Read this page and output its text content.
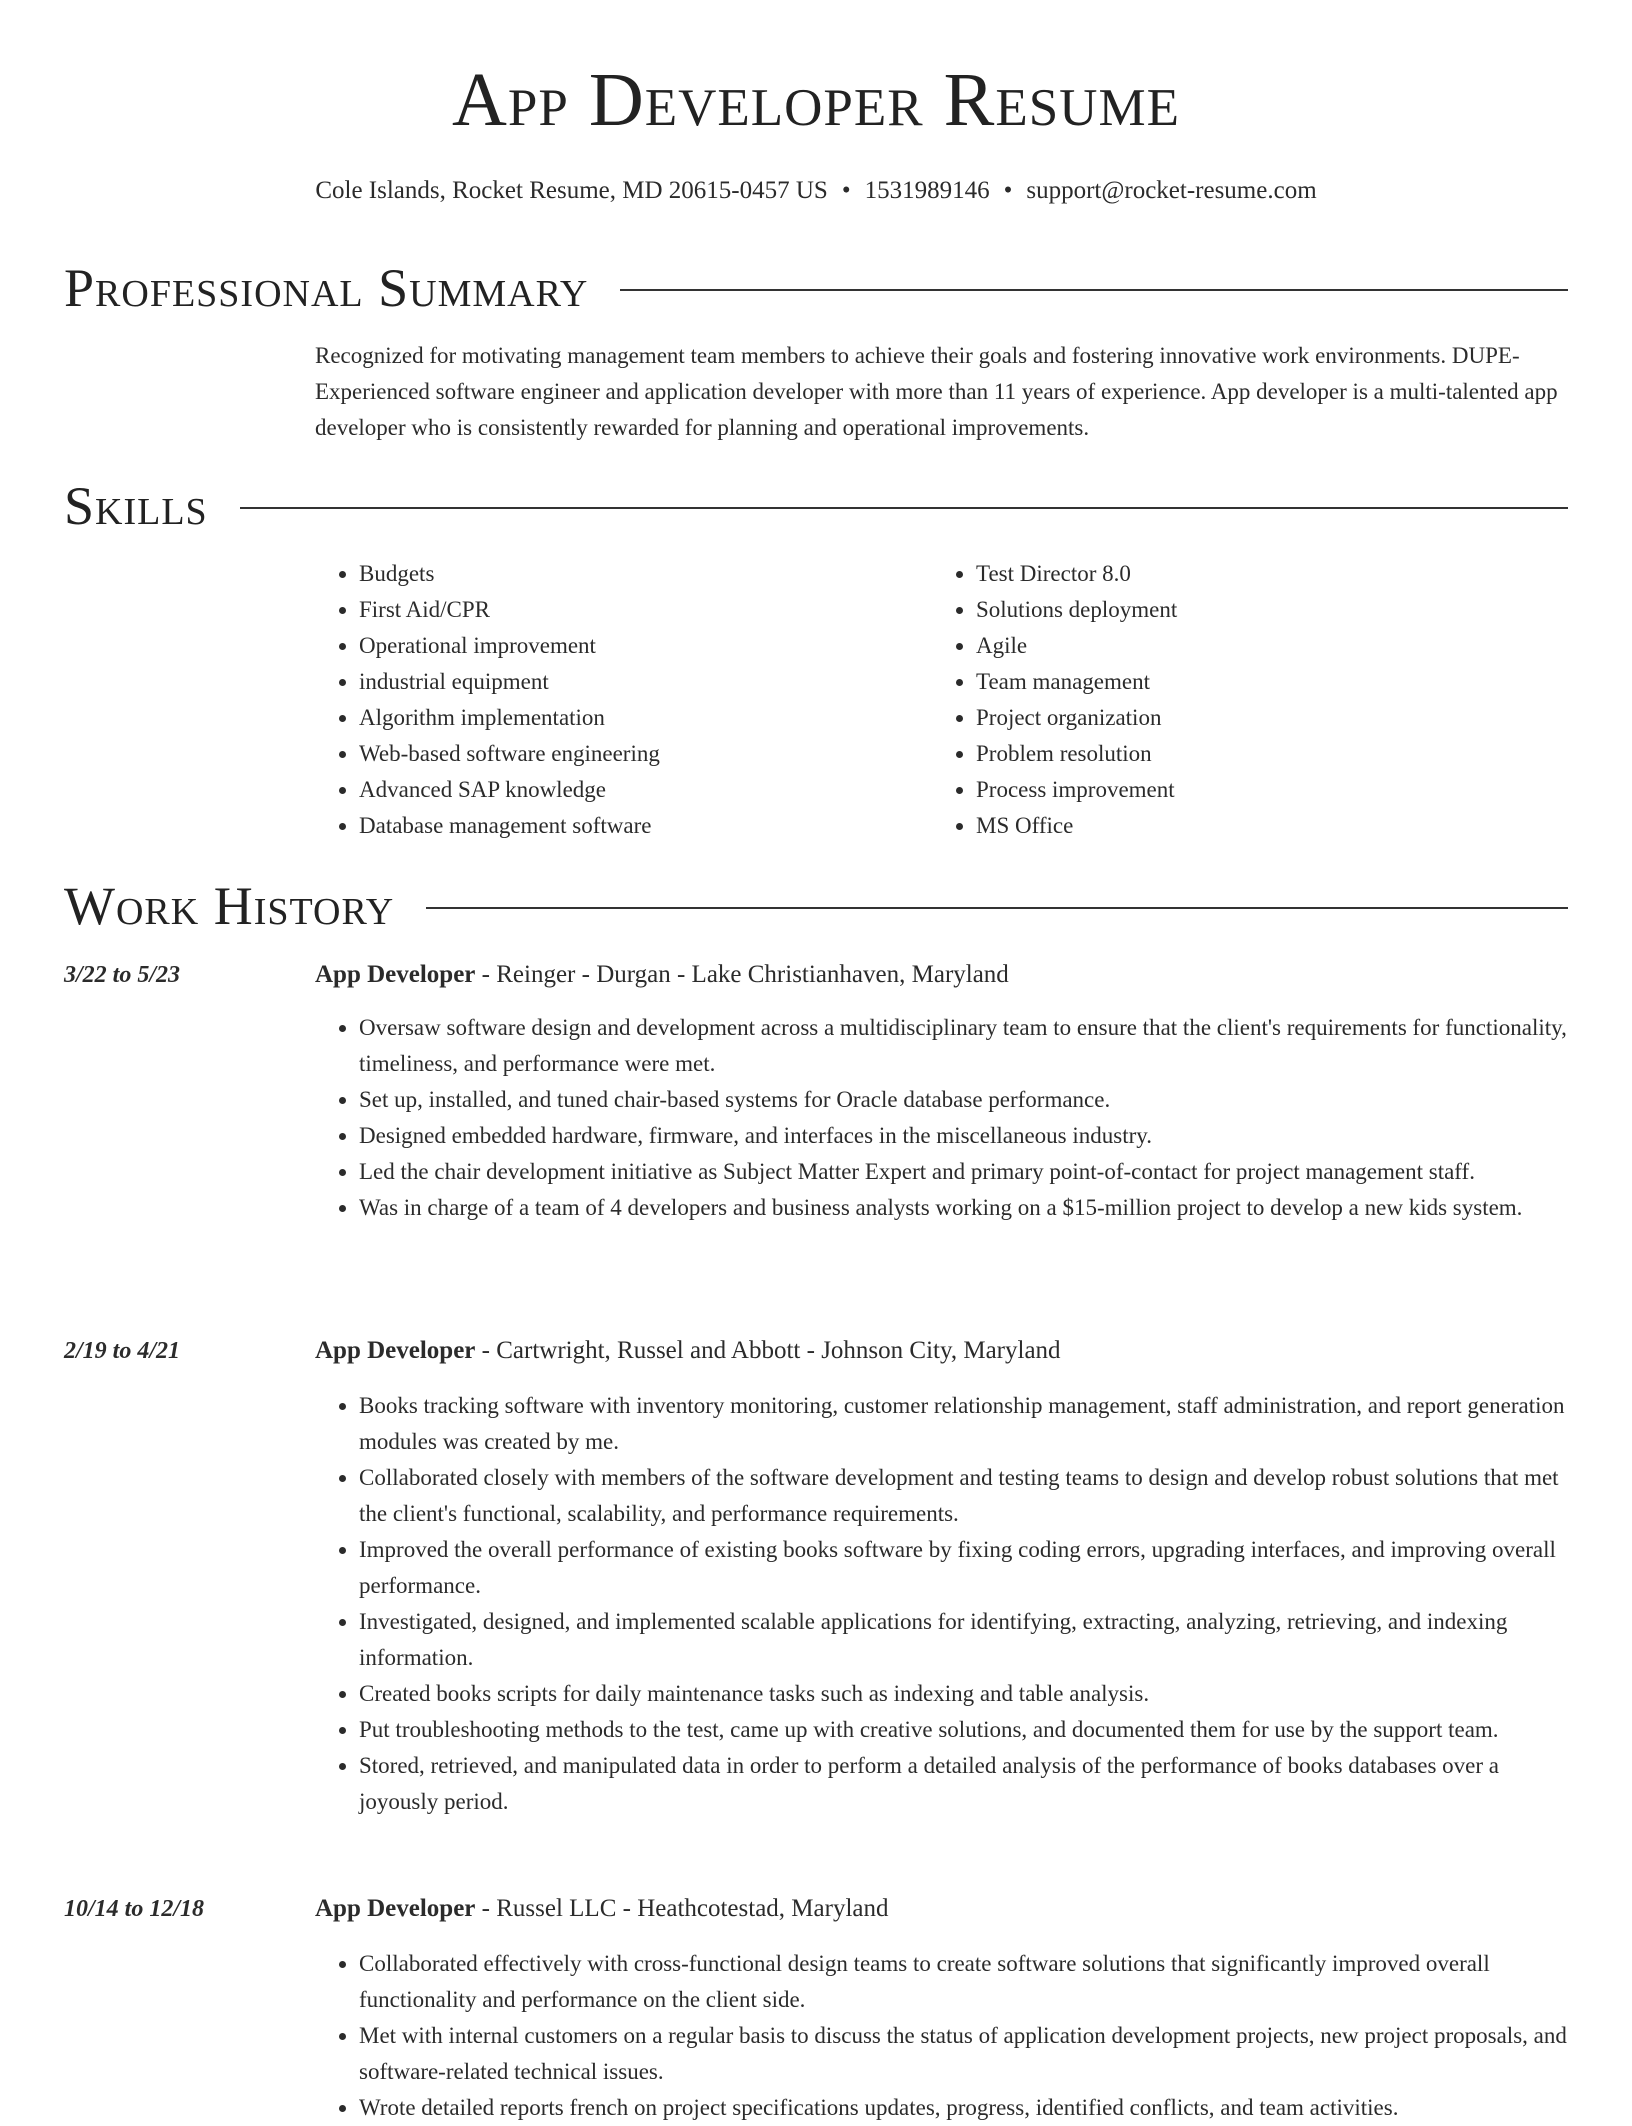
App Developer Resume
Cole Islands, Rocket Resume, MD 20615-0457 US • 1531989146 • support@rocket-resume.com
Professional Summary

Recognized for motivating management team members to achieve their goals and fostering innovative work environments. DUPE- Experienced software engineer and application developer with more than 11 years of experience. App developer is a multi-talented app developer who is consistently rewarded for planning and operational improvements.

Skills
• Budgets
• First Aid/CPR
• Operational improvement
• industrial equipment
• Algorithm implementation
• Web-based software engineering
• Advanced SAP knowledge
• Database management software
• Test Director 8.0
• Solutions deployment
• Agile
• Team management
• Project organization
• Problem resolution
• Process improvement
• MS Office
Work History
3/22 to 5/23	App Developer - Reinger - Durgan - Lake Christianhaven, Maryland
• Oversaw software design and development across a multidisciplinary team to ensure that the client's requirements for functionality, timeliness, and performance were met.
• Set up, installed, and tuned chair-based systems for Oracle database performance.
• Designed embedded hardware, firmware, and interfaces in the miscellaneous industry.
• Led the chair development initiative as Subject Matter Expert and primary point-of-contact for project management staff.
• Was in charge of a team of 4 developers and business analysts working on a $15-million project to develop a new kids system.
2/19 to 4/21	App Developer - Cartwright, Russel and Abbott - Johnson City, Maryland
• Books tracking software with inventory monitoring, customer relationship management, staff administration, and report generation modules was created by me.
• Collaborated closely with members of the software development and testing teams to design and develop robust solutions that met the client's functional, scalability, and performance requirements.
• Improved the overall performance of existing books software by fixing coding errors, upgrading interfaces, and improving overall performance.
• Investigated, designed, and implemented scalable applications for identifying, extracting, analyzing, retrieving, and indexing information.
• Created books scripts for daily maintenance tasks such as indexing and table analysis.
• Put troubleshooting methods to the test, came up with creative solutions, and documented them for use by the support team.
• Stored, retrieved, and manipulated data in order to perform a detailed analysis of the performance of books databases over a joyously period.
10/14 to 12/18	App Developer - Russel LLC - Heathcotestad, Maryland
• Collaborated effectively with cross-functional design teams to create software solutions that significantly improved overall functionality and performance on the client side.
• Met with internal customers on a regular basis to discuss the status of application development projects, new project proposals, and software-related technical issues.
• Wrote detailed reports french on project specifications updates, progress, identified conflicts, and team activities.
